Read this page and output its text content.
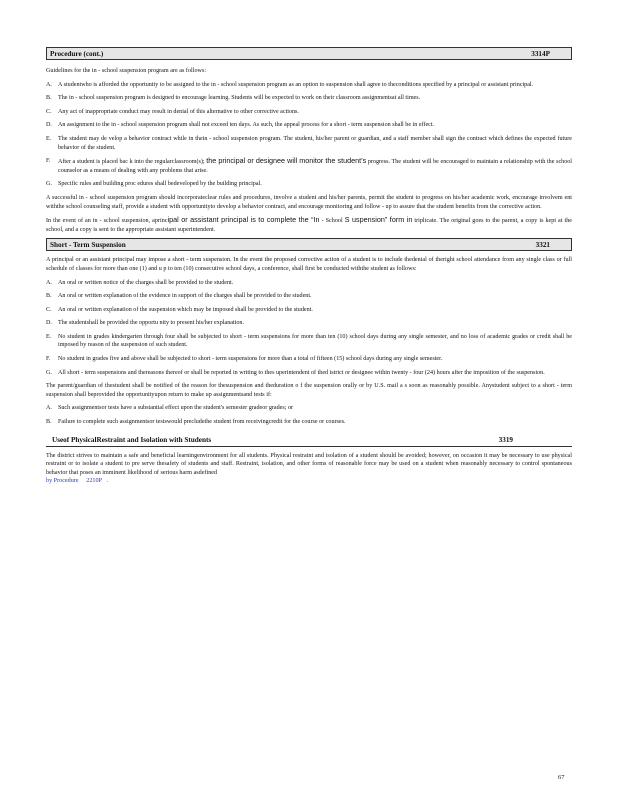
Procedure (cont.)	3314P

Guidelines for the in - school suspension program are as follows:

A. A studentwho is afforded the opportunity to be assigned to the in - school suspension program as an option to suspension shall agree to theconditions specified by a principal or assistant principal.
B.	The in - school suspension program is designed to encourage learning. Students will be expected to work on their classroom assignmentsat all times.
C.	Any act of inappropriate conduct may result in denial of this alternative to other corrective actions.
D. An assignment to the in - school suspension program shall not exceed ten days. As such, the appeal process for a short - term suspension shall be in effect.
E.	The student may de velop a behavior contract while in thein - school suspension program. The student, his/her parent or guardian, and a staff member shall sign the contract which defines the expected future behavior of the student.
F.	After a student is placed bac k into the regularclassroom(s); the principal or designee will monitor the student’s progress. The student will be encouraged to maintain a relationship with the school counselor as a means of dealing with any problems that arise.
G. Specific rules and building proc edures shall bedeveloped by the building principal.

A successful in - school suspension program should incorporateclear rules and procedures, involve a student and his/her parents, permit the student to progress on his/her academic work, encourage involvem ent withthe school counseling staff, provide a student with opportunityto develop a behavior contract, and encourage monitoring and follow - up to assure that the student benefits from the corrective action.

In the event of an in - school suspension, aprincipal or assistant principal is to complete the “In - School S uspension” form in triplicate. The original goes to the parent, a copy is kept at the school, and a copy is sent to the appropriate assistant superintendent.

Short - Term Suspension	3321

A principal or an assistant principal may impose a short - term suspension. In the event the proposed corrective action of a student is to include thedenial of theright school attendance from any single class or full schedule of classes for more than one (1) and u p to ten (10) consecutive school days, a conference, shall first be conducted withthe student as follows:

A. An oral or written notice of the charges shall be provided to the student.
B.	An oral or written explanation of the evidence in support of the charges shall be provided to the student.
C.	An oral or written explanation of the suspension which may be imposed shall be provided to the student.
D. The studentshall be provided the opportu nity to present his/her explanation.
E.	No student in grades kindergarten through four shall be subjected to short - term suspensions for more than ten (10) school days during any single semester, and no loss of academic grades or credit shall be imposed by reason of the suspension of such student.
F.	No student in grades five and above shall be subjected to short - term suspensions for more than a total of fifteen (15) school days during any single semester.
G. All short - term suspensions and thereasons thereof or shall be reported in writing to thes uperintendent of thed istrict or designee within twenty - four (24) hours after the imposition of the suspension.

The parent/guardian of thestudent shall be notified of the reason for thesuspension and theduration o f the suspension orally or by U.S. mail a s soon as reasonably possible. Anystudent subject to a short - term suspension shall beprovided the opportunityupon return to make up assignmentsand tests if:

A. Such assignmentsor tests have a substantial effect upon the student's semester gradeor grades; or
B.	Failure to complete such assignmentsor testswould precludethe student from receivingcredit for the course or courses.
Useof PhysicalRestraint and Isolation with Students	3319

The district strives to maintain a safe and beneficial learningenvironment for all students. Physical restraint and isolation of a student should be avoided; however, on occasion it may be necessary to use physical restraint or to isolate a student to pre serve thesafety of students and staff. Restraint, isolation, and other forms of reasonable force may be used on a student when reasonably necessary to control spontaneous behavior that poses an imminent likelihood of serious harm asdefined

by Procedure 2210P .

67
